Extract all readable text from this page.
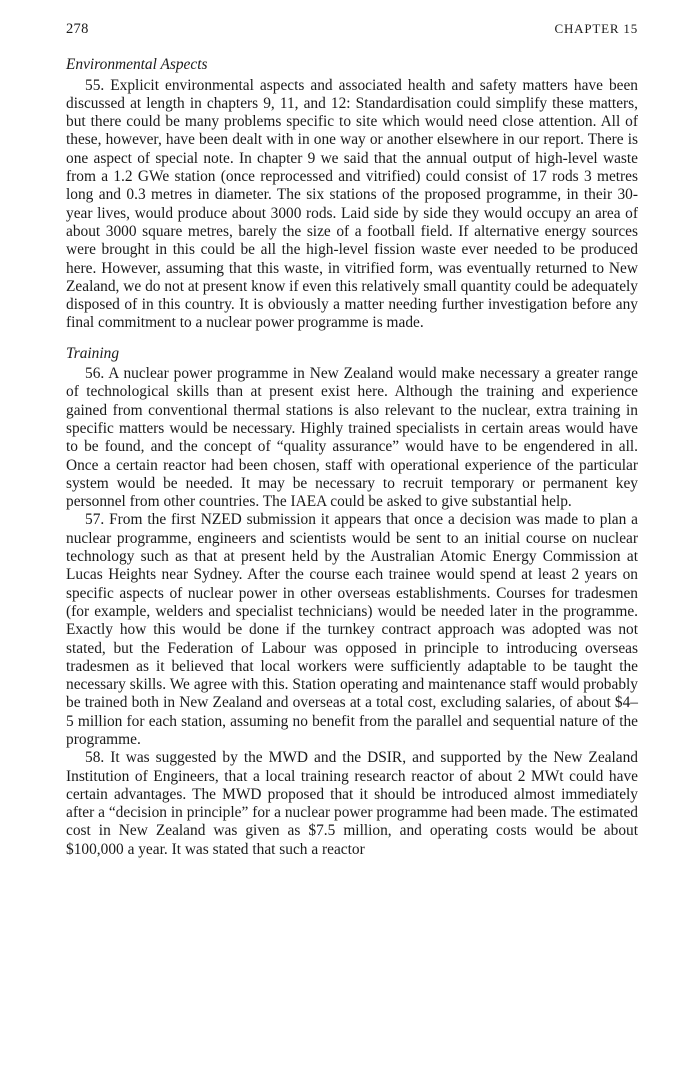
278	CHAPTER 15
Environmental Aspects

55. Explicit environmental aspects and associated health and safety matters have been discussed at length in chapters 9, 11, and 12: Standardisation could simplify these matters, but there could be many problems specific to site which would need close attention. All of these, however, have been dealt with in one way or another elsewhere in our report. There is one aspect of special note. In chapter 9 we said that the annual output of high-level waste from a 1.2 GWe station (once reprocessed and vitrified) could consist of 17 rods 3 metres long and 0.3 metres in diameter. The six stations of the proposed programme, in their 30-year lives, would produce about 3000 rods. Laid side by side they would occupy an area of about 3000 square metres, barely the size of a football field. If alternative energy sources were brought in this could be all the high-level fission waste ever needed to be produced here. However, assuming that this waste, in vitrified form, was eventually returned to New Zealand, we do not at present know if even this relatively small quantity could be adequately disposed of in this country. It is obviously a matter needing further investigation before any final commitment to a nuclear power programme is made.

Training

56. A nuclear power programme in New Zealand would make necessary a greater range of technological skills than at present exist here. Although the training and experience gained from conventional thermal stations is also relevant to the nuclear, extra training in specific matters would be necessary. Highly trained specialists in certain areas would have to be found, and the concept of “quality assurance” would have to be engendered in all. Once a certain reactor had been chosen, staff with operational experience of the particular system would be needed. It may be necessary to recruit temporary or permanent key personnel from other countries. The IAEA could be asked to give substantial help.

57. From the first NZED submission it appears that once a decision was made to plan a nuclear programme, engineers and scientists would be sent to an initial course on nuclear technology such as that at present held by the Australian Atomic Energy Commission at Lucas Heights near Sydney. After the course each trainee would spend at least 2 years on specific aspects of nuclear power in other overseas establishments. Courses for tradesmen (for example, welders and specialist technicians) would be needed later in the programme. Exactly how this would be done if the turnkey contract approach was adopted was not stated, but the Federation of Labour was opposed in principle to introducing overseas tradesmen as it believed that local workers were sufficiently adaptable to be taught the necessary skills. We agree with this. Station operating and maintenance staff would probably be trained both in New Zealand and overseas at a total cost, excluding salaries, of about $4–5 million for each station, assuming no benefit from the parallel and sequential nature of the programme.

58. It was suggested by the MWD and the DSIR, and supported by the New Zealand Institution of Engineers, that a local training research reactor of about 2 MWt could have certain advantages. The MWD proposed that it should be introduced almost immediately after a “decision in principle” for a nuclear power programme had been made. The estimated cost in New Zealand was given as $7.5 million, and operating costs would be about $100,000 a year. It was stated that such a reactor
